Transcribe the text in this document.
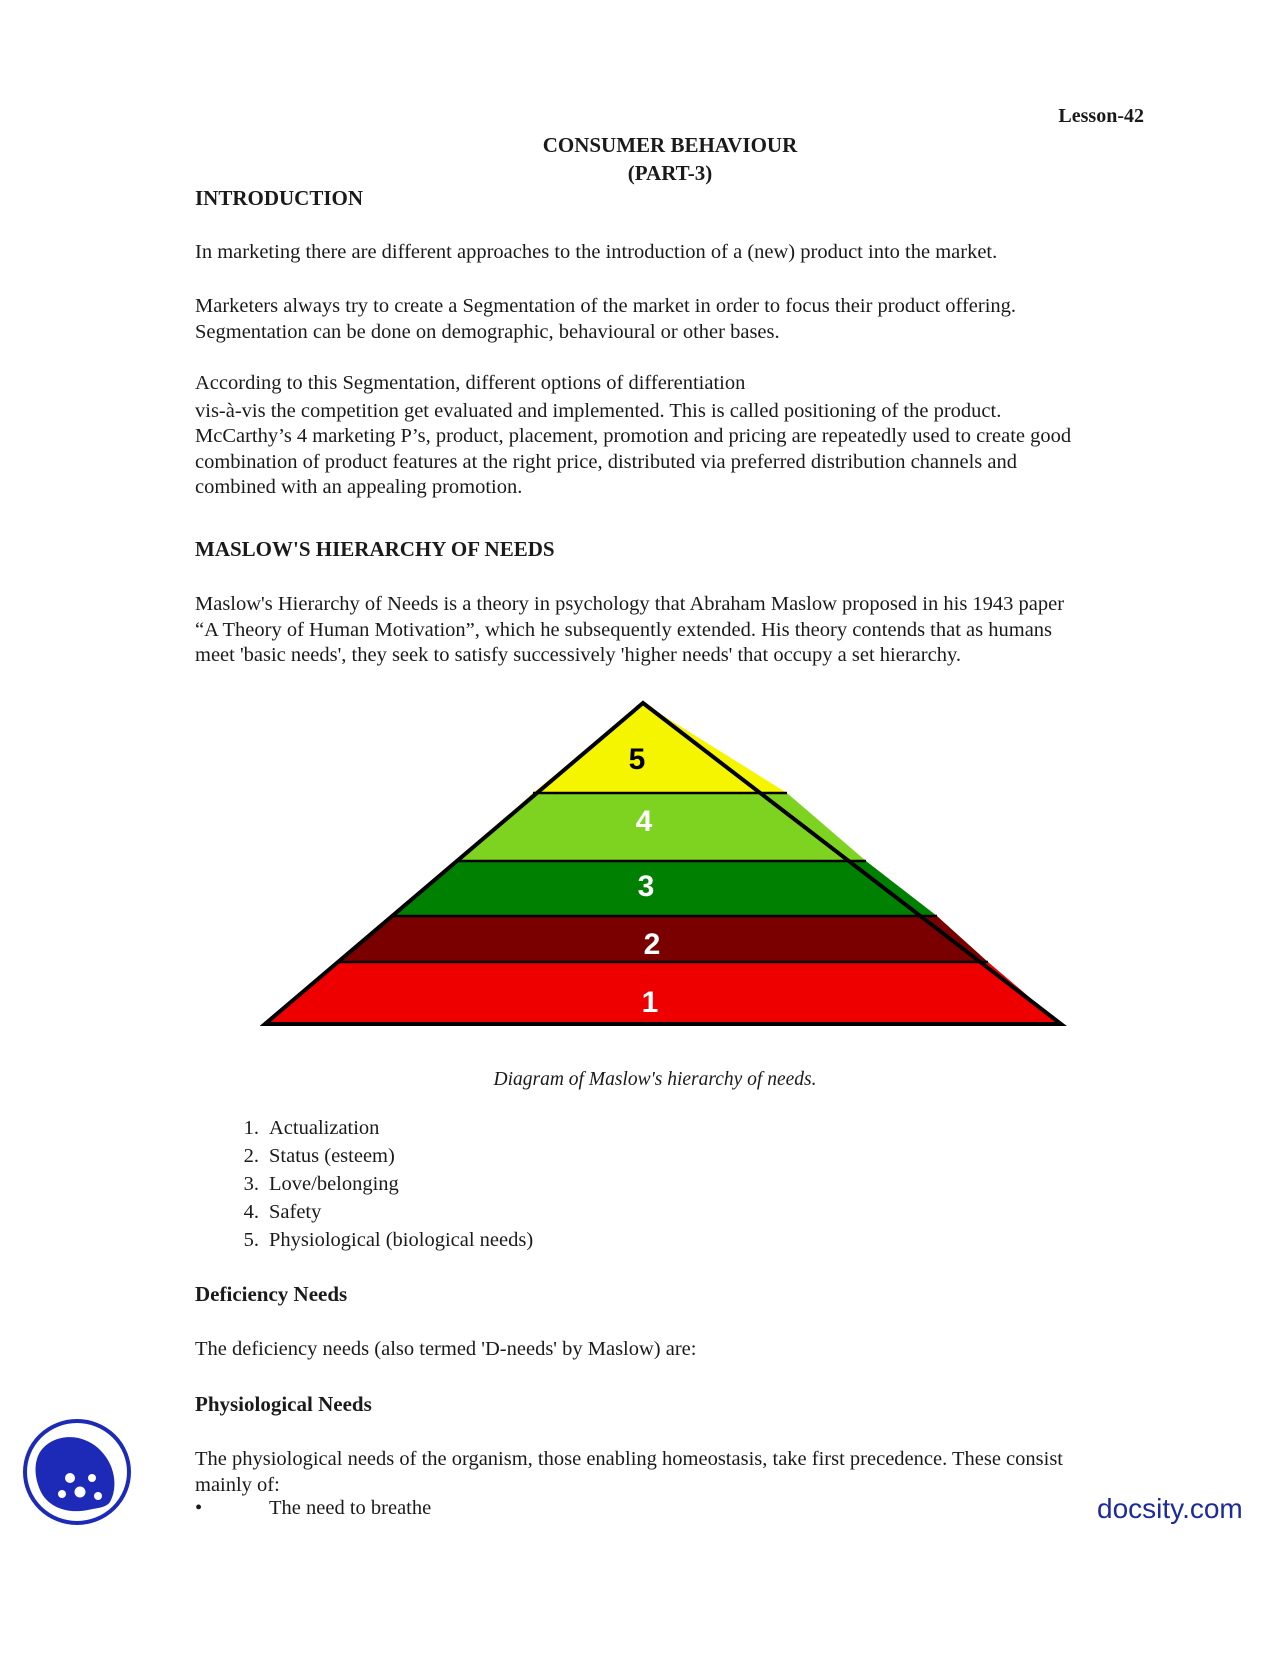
Lesson-42
CONSUMER BEHAVIOUR
(PART-3)
INTRODUCTION
In marketing there are different approaches to the introduction of a (new) product into the market.
Marketers always try to create a Segmentation of the market in order to focus their product offering.
Segmentation can be done on demographic, behavioural or other bases.
According to this Segmentation, different options of differentiation
vis-à-vis the competition get evaluated and implemented. This is called positioning of the product.
McCarthy’s 4 marketing P’s, product, placement, promotion and pricing are repeatedly used to create good
combination of product features at the right price, distributed via preferred distribution channels and
combined with an appealing promotion.
MASLOW'S HIERARCHY OF NEEDS
Maslow's Hierarchy of Needs is a theory in psychology that Abraham Maslow proposed in his 1943 paper
“A Theory of Human Motivation”, which he subsequently extended. His theory contends that as humans
meet 'basic needs', they seek to satisfy successively 'higher needs' that occupy a set hierarchy.
1
2
3
4
5
Diagram of Maslow's hierarchy of needs.
1. Actualization
2. Status (esteem)
3. Love/belonging
4. Safety
5. Physiological (biological needs)
Deficiency Needs
The deficiency needs (also termed 'D-needs' by Maslow) are:
Physiological Needs
The physiological needs of the organism, those enabling homeostasis, take first precedence. These consist
mainly of:
•	The need to breathe	docsity.com
